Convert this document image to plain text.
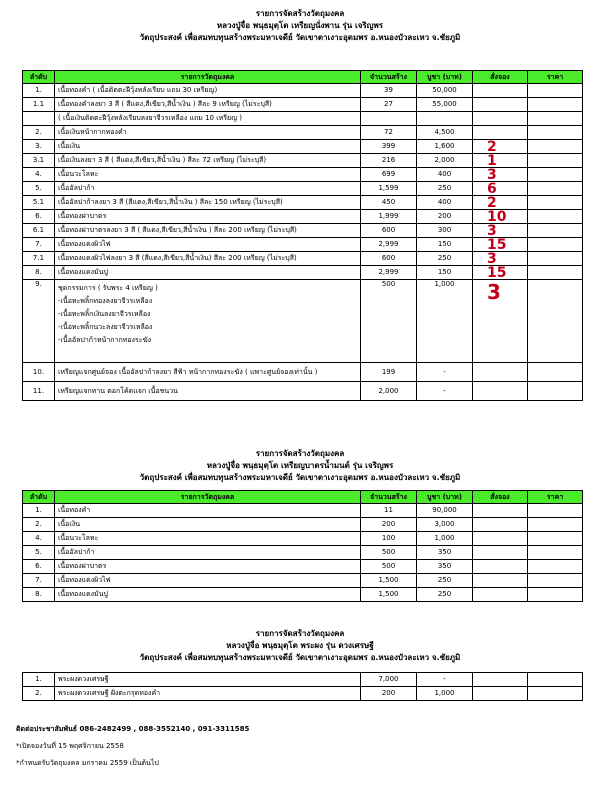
รายการจัดสร้างวัตถุมงคล
หลวงปู่จื่อ พนฺธมุตฺโต เหรียญนั่งพาน รุ่น เจริญพร
วัตถุประสงค์ เพื่อสมทบทุนสร้างพระมหาเจดีย์ วัดเขาตาเงาะอุดมพร อ.หนองบัวละเหว จ.ชัยภูมิ
ลำดับ	รายการวัตถุมงคล	จำนวนสร้าง	บูชา (บาท)	สั่งจอง	ราคา
1.	เนื้อทองคำ ( เนื้อติดตะฝีวุ้งหลังเรียบ แถม 30 เหรียญ)	39	50,000		
1.1	เนื้อทองคำลงยา 3 สี ( สีแดง,สีเขียว,สีน้ำเงิน ) สีละ 9 เหรียญ (ไม่ระบุสี)	27	55,000		
	( เนื้อเงินติดตะฝีวุ้งหลังเรียบลงยาจีวรเหลือง แถม 10 เหรียญ )				
2.	เนื้อเงินหน้ากากทองคำ	72	4,500		
3.	เนื้อเงิน	399	1,600	2	
3.1	เนื้อเงินลงยา 3 สี ( สีแดง,สีเขียว,สีน้ำเงิน ) สีละ 72 เหรียญ (ไม่ระบุสี)	216	2,000	1	
4.	เนื้อนวะโลหะ	699	400	3	
5.	เนื้ออัลปาก้า	1,599	250	6	
5.1	เนื้ออัลปาก้าลงยา 3 สี (สีแดง,สีเขียว,สีน้ำเงิน ) สีละ 150 เหรียญ (ไม่ระบุสี)	450	400	2	
6.	เนื้อทองฝาบาตร	1,999	200	10	
6.1	เนื้อทองฝาบาตรลงยา 3 สี ( สีแดง,สีเขียว,สีน้ำเงิน ) สีละ 200 เหรียญ (ไม่ระบุสี)	600	300	3	
7.	เนื้อทองแดงผิวไฟ	2,999	150	15	
7.1	เนื้อทองแดงผิวไฟลงยา 3 สี (สีแดง,สีเขียว,สีน้ำเงิน) สีละ 200 เหรียญ (ไม่ระบุสี)	600	250	3	
8.	เนื้อทองแดงมันปู	2,999	150	15	
9.	ชุดกรรมการ ( รับพระ 4 เหรียญ )
-เนื้อทะพลิ้กทองลงยาจีวรเหลือง
-เนื้อทะพลิ้กเงินลงยาจีวรเหลือง
-เนื้อทะพลิ้กนวะลงยาจีวรเหลือง
-เนื้ออัลปาก้าหน้ากากทองระฆัง	500	1,000	3	
10.	เหรียญแจกศูนย์จอง เนื้ออัลปาก้าลงยา สีฟ้า หน้ากากทองระฆัง ( แพาะศูนย์จองเท่านั้น )	199	-		
11.	เหรียญแจกทาน ตอกโค้ดแจก เนื้อชนวน	2,000	-		
รายการจัดสร้างวัตถุมงคล
หลวงปู่จื่อ พนฺธมุตฺโต เหรียญบาตรน้ำมนต์ รุ่น เจริญพร
วัตถุประสงค์ เพื่อสมทบทุนสร้างพระมหาเจดีย์ วัดเขาตาเงาะอุดมพร อ.หนองบัวละเหว จ.ชัยภูมิ
ลำดับ	รายการวัตถุมงคล	จำนวนสร้าง	บูชา (บาท)	สั่งจอง	ราคา
1.	เนื้อทองคำ	11	90,000		
2.	เนื้อเงิน	200	3,000		
4.	เนื้อนวะโลหะ	100	1,000		
5.	เนื้ออัลปาก้า	500	350		
6.	เนื้อทองฝาบาตร	500	350		
7.	เนื้อทองแดงผิวไฟ	1,500	250		
8.	เนื้อทองแดงมันปู	1,500	250		
รายการจัดสร้างวัตถุมงคล
หลวงปู่จื่อ พนฺธมุตฺโต พระผง รุ่น ดวงเศรษฐี
วัตถุประสงค์ เพื่อสมทบทุนสร้างพระมหาเจดีย์ วัดเขาตาเงาะอุดมพร อ.หนองบัวละเหว จ.ชัยภูมิ
1.	พระผงดวงเศรษฐี	7,000	-		
2.	พระผงดวงเศรษฐี ฝังตะกรุดทองคำ	200	1,000		
ติดต่อประชาสัมพันธ์ 086-2482499 , 088-3552140 , 091-3311585
*เปิดจองวันที่ 15 พฤศจิกายน 2558
*กำหนดรับวัตถุมงคล มกราคม 2559 เป็นต้นไป
